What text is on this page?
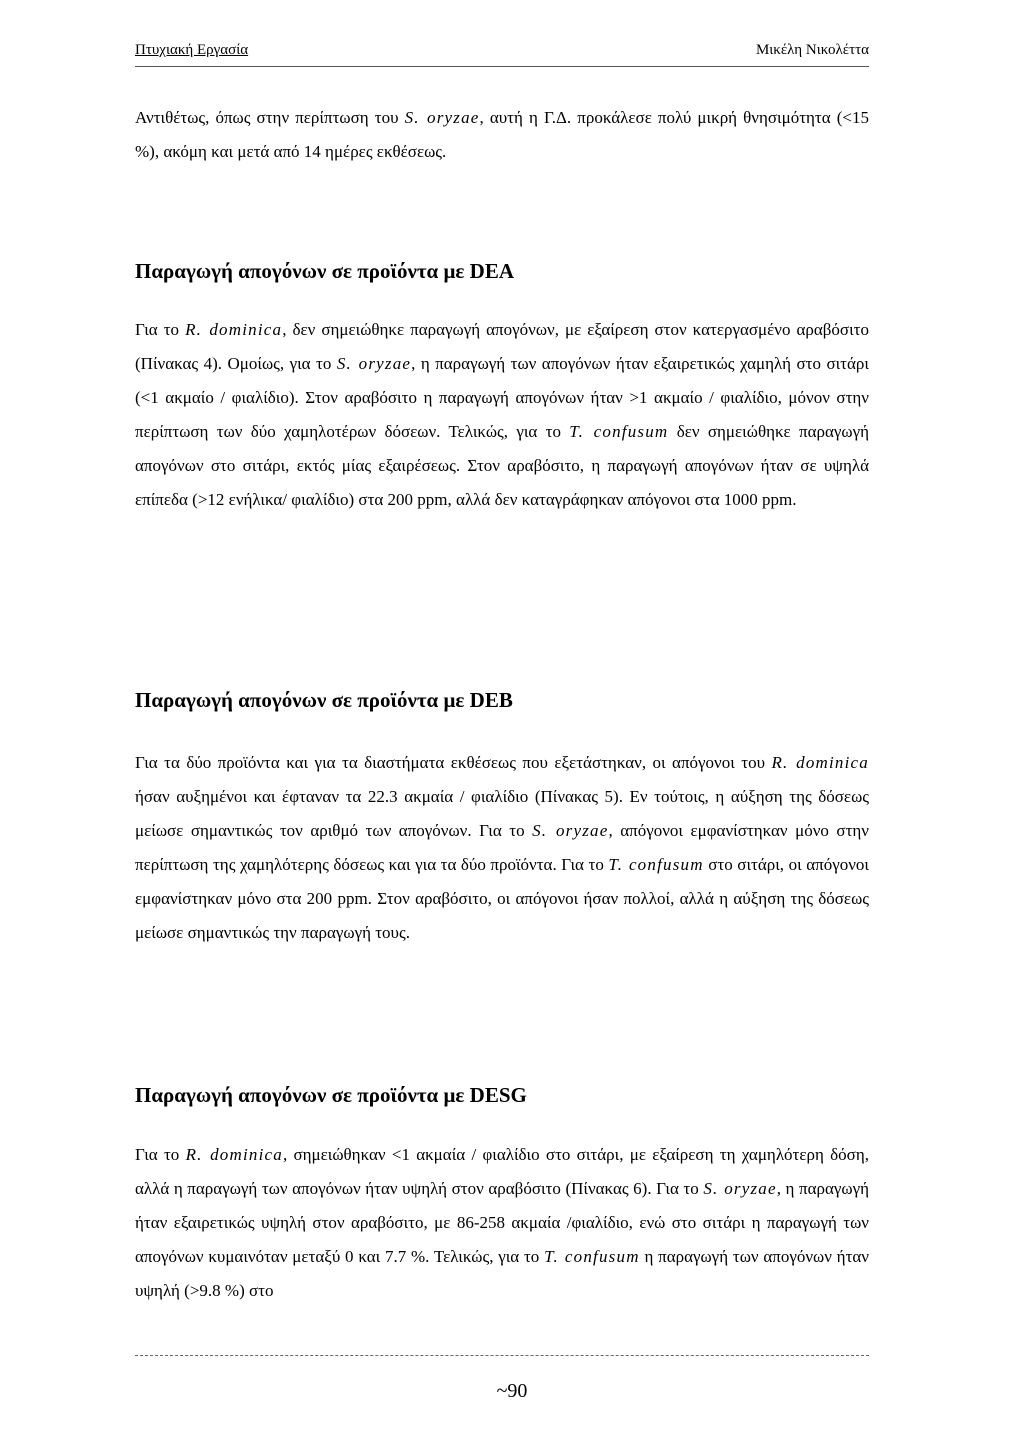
Πτυχιακή Εργασία	Μικέλη Νικολέττα
Αντιθέτως, όπως στην περίπτωση του S. oryzae, αυτή η Γ.Δ. προκάλεσε πολύ μικρή θνησιμότητα (<15 %), ακόμη και μετά από 14 ημέρες εκθέσεως.
Παραγωγή απογόνων σε προϊόντα με DEA
Για το R. dominica, δεν σημειώθηκε παραγωγή απογόνων, με εξαίρεση στον κατεργασμένο αραβόσιτο (Πίνακας 4). Ομοίως, για το S. oryzae, η παραγωγή των απογόνων ήταν εξαιρετικώς χαμηλή στο σιτάρι (<1 ακμαίο / φιαλίδιο). Στον αραβόσιτο η παραγωγή απογόνων ήταν >1 ακμαίο / φιαλίδιο, μόνον στην περίπτωση των δύο χαμηλοτέρων δόσεων. Τελικώς, για το T. confusum δεν σημειώθηκε παραγωγή απογόνων στο σιτάρι, εκτός μίας εξαιρέσεως. Στον αραβόσιτο, η παραγωγή απογόνων ήταν σε υψηλά επίπεδα (>12 ενήλικα/ φιαλίδιο) στα 200 ppm, αλλά δεν καταγράφηκαν απόγονοι στα 1000 ppm.
Παραγωγή απογόνων σε προϊόντα με DEB
Για τα δύο προϊόντα και για τα διαστήματα εκθέσεως που εξετάστηκαν, οι απόγονοι του R. dominica ήσαν αυξημένοι και έφταναν τα 22.3 ακμαία / φιαλίδιο (Πίνακας 5). Εν τούτοις, η αύξηση της δόσεως μείωσε σημαντικώς τον αριθμό των απογόνων. Για το S. oryzae, απόγονοι εμφανίστηκαν μόνο στην περίπτωση της χαμηλότερης δόσεως και για τα δύο προϊόντα. Για το T. confusum στο σιτάρι, οι απόγονοι εμφανίστηκαν μόνο στα 200 ppm. Στον αραβόσιτο, οι απόγονοι ήσαν πολλοί, αλλά η αύξηση της δόσεως μείωσε σημαντικώς την παραγωγή τους.
Παραγωγή απογόνων σε προϊόντα με DESG
Για το R. dominica, σημειώθηκαν <1 ακμαία / φιαλίδιο στο σιτάρι, με εξαίρεση τη χαμηλότερη δόση, αλλά η παραγωγή των απογόνων ήταν υψηλή στον αραβόσιτο (Πίνακας 6). Για το S. oryzae, η παραγωγή ήταν εξαιρετικώς υψηλή στον αραβόσιτο, με 86-258 ακμαία /φιαλίδιο, ενώ στο σιτάρι η παραγωγή των απογόνων κυμαινόταν μεταξύ 0 και 7.7 %. Τελικώς, για το T. confusum η παραγωγή των απογόνων ήταν υψηλή (>9.8 %) στο
~90
